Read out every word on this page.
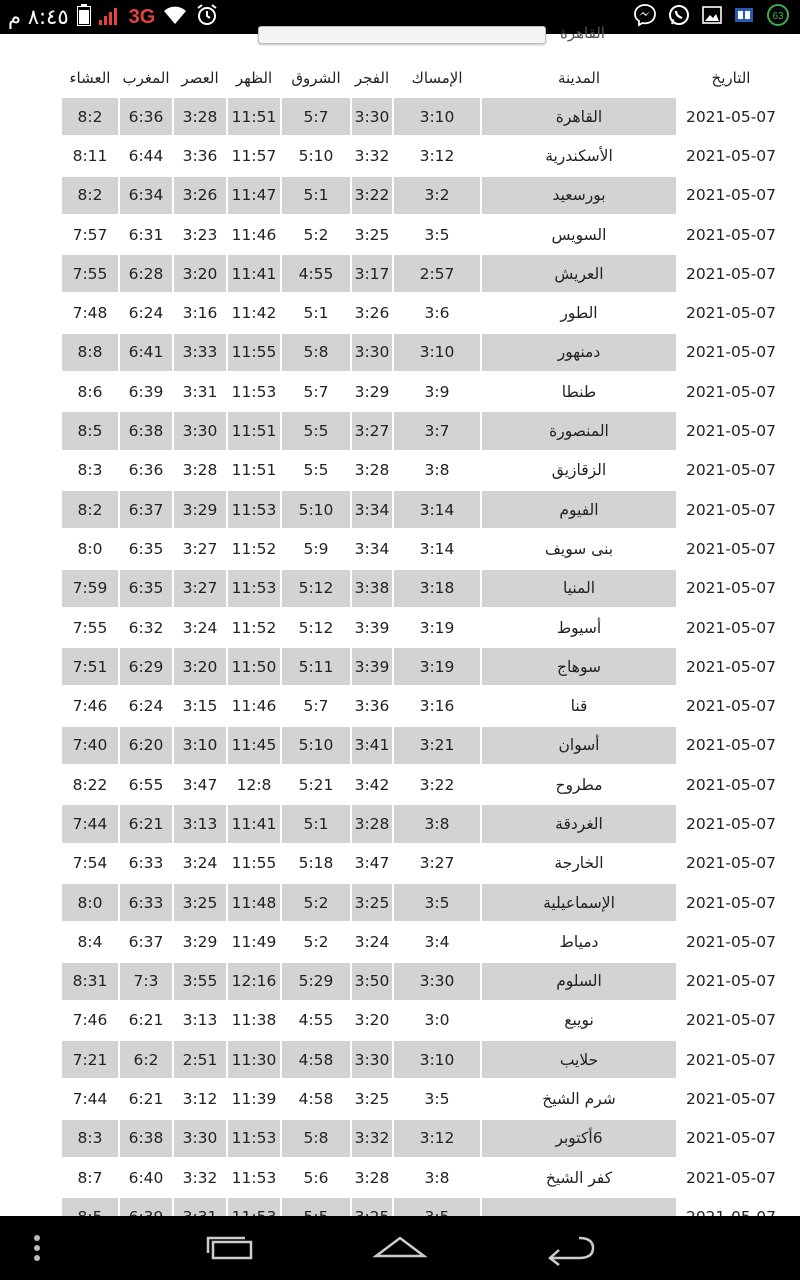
٨:٤٥ م	3G	63
القاهرة
التاريخ	المدينة	الإمساك	الفجر	الشروق	الظهر	العصر	المغرب	العشاء
2021-05-07	القاهرة	3:10	3:30	5:7	11:51	3:28	6:36	8:2
2021-05-07	الأسكندرية	3:12	3:32	5:10	11:57	3:36	6:44	8:11
2021-05-07	بورسعيد	3:2	3:22	5:1	11:47	3:26	6:34	8:2
2021-05-07	السويس	3:5	3:25	5:2	11:46	3:23	6:31	7:57
2021-05-07	العريش	2:57	3:17	4:55	11:41	3:20	6:28	7:55
2021-05-07	الطور	3:6	3:26	5:1	11:42	3:16	6:24	7:48
2021-05-07	دمنهور	3:10	3:30	5:8	11:55	3:33	6:41	8:8
2021-05-07	طنطا	3:9	3:29	5:7	11:53	3:31	6:39	8:6
2021-05-07	المنصورة	3:7	3:27	5:5	11:51	3:30	6:38	8:5
2021-05-07	الزقازيق	3:8	3:28	5:5	11:51	3:28	6:36	8:3
2021-05-07	الفيوم	3:14	3:34	5:10	11:53	3:29	6:37	8:2
2021-05-07	بنى سويف	3:14	3:34	5:9	11:52	3:27	6:35	8:0
2021-05-07	المنيا	3:18	3:38	5:12	11:53	3:27	6:35	7:59
2021-05-07	أسيوط	3:19	3:39	5:12	11:52	3:24	6:32	7:55
2021-05-07	سوهاج	3:19	3:39	5:11	11:50	3:20	6:29	7:51
2021-05-07	قنا	3:16	3:36	5:7	11:46	3:15	6:24	7:46
2021-05-07	أسوان	3:21	3:41	5:10	11:45	3:10	6:20	7:40
2021-05-07	مطروح	3:22	3:42	5:21	12:8	3:47	6:55	8:22
2021-05-07	الغردقة	3:8	3:28	5:1	11:41	3:13	6:21	7:44
2021-05-07	الخارجة	3:27	3:47	5:18	11:55	3:24	6:33	7:54
2021-05-07	الإسماعيلية	3:5	3:25	5:2	11:48	3:25	6:33	8:0
2021-05-07	دمياط	3:4	3:24	5:2	11:49	3:29	6:37	8:4
2021-05-07	السلوم	3:30	3:50	5:29	12:16	3:55	7:3	8:31
2021-05-07	نويبع	3:0	3:20	4:55	11:38	3:13	6:21	7:46
2021-05-07	حلايب	3:10	3:30	4:58	11:30	2:51	6:2	7:21
2021-05-07	شرم الشيخ	3:5	3:25	4:58	11:39	3:12	6:21	7:44
2021-05-07	6أكتوبر	3:12	3:32	5:8	11:53	3:30	6:38	8:3
2021-05-07	كفر الشيخ	3:8	3:28	5:6	11:53	3:32	6:40	8:7
